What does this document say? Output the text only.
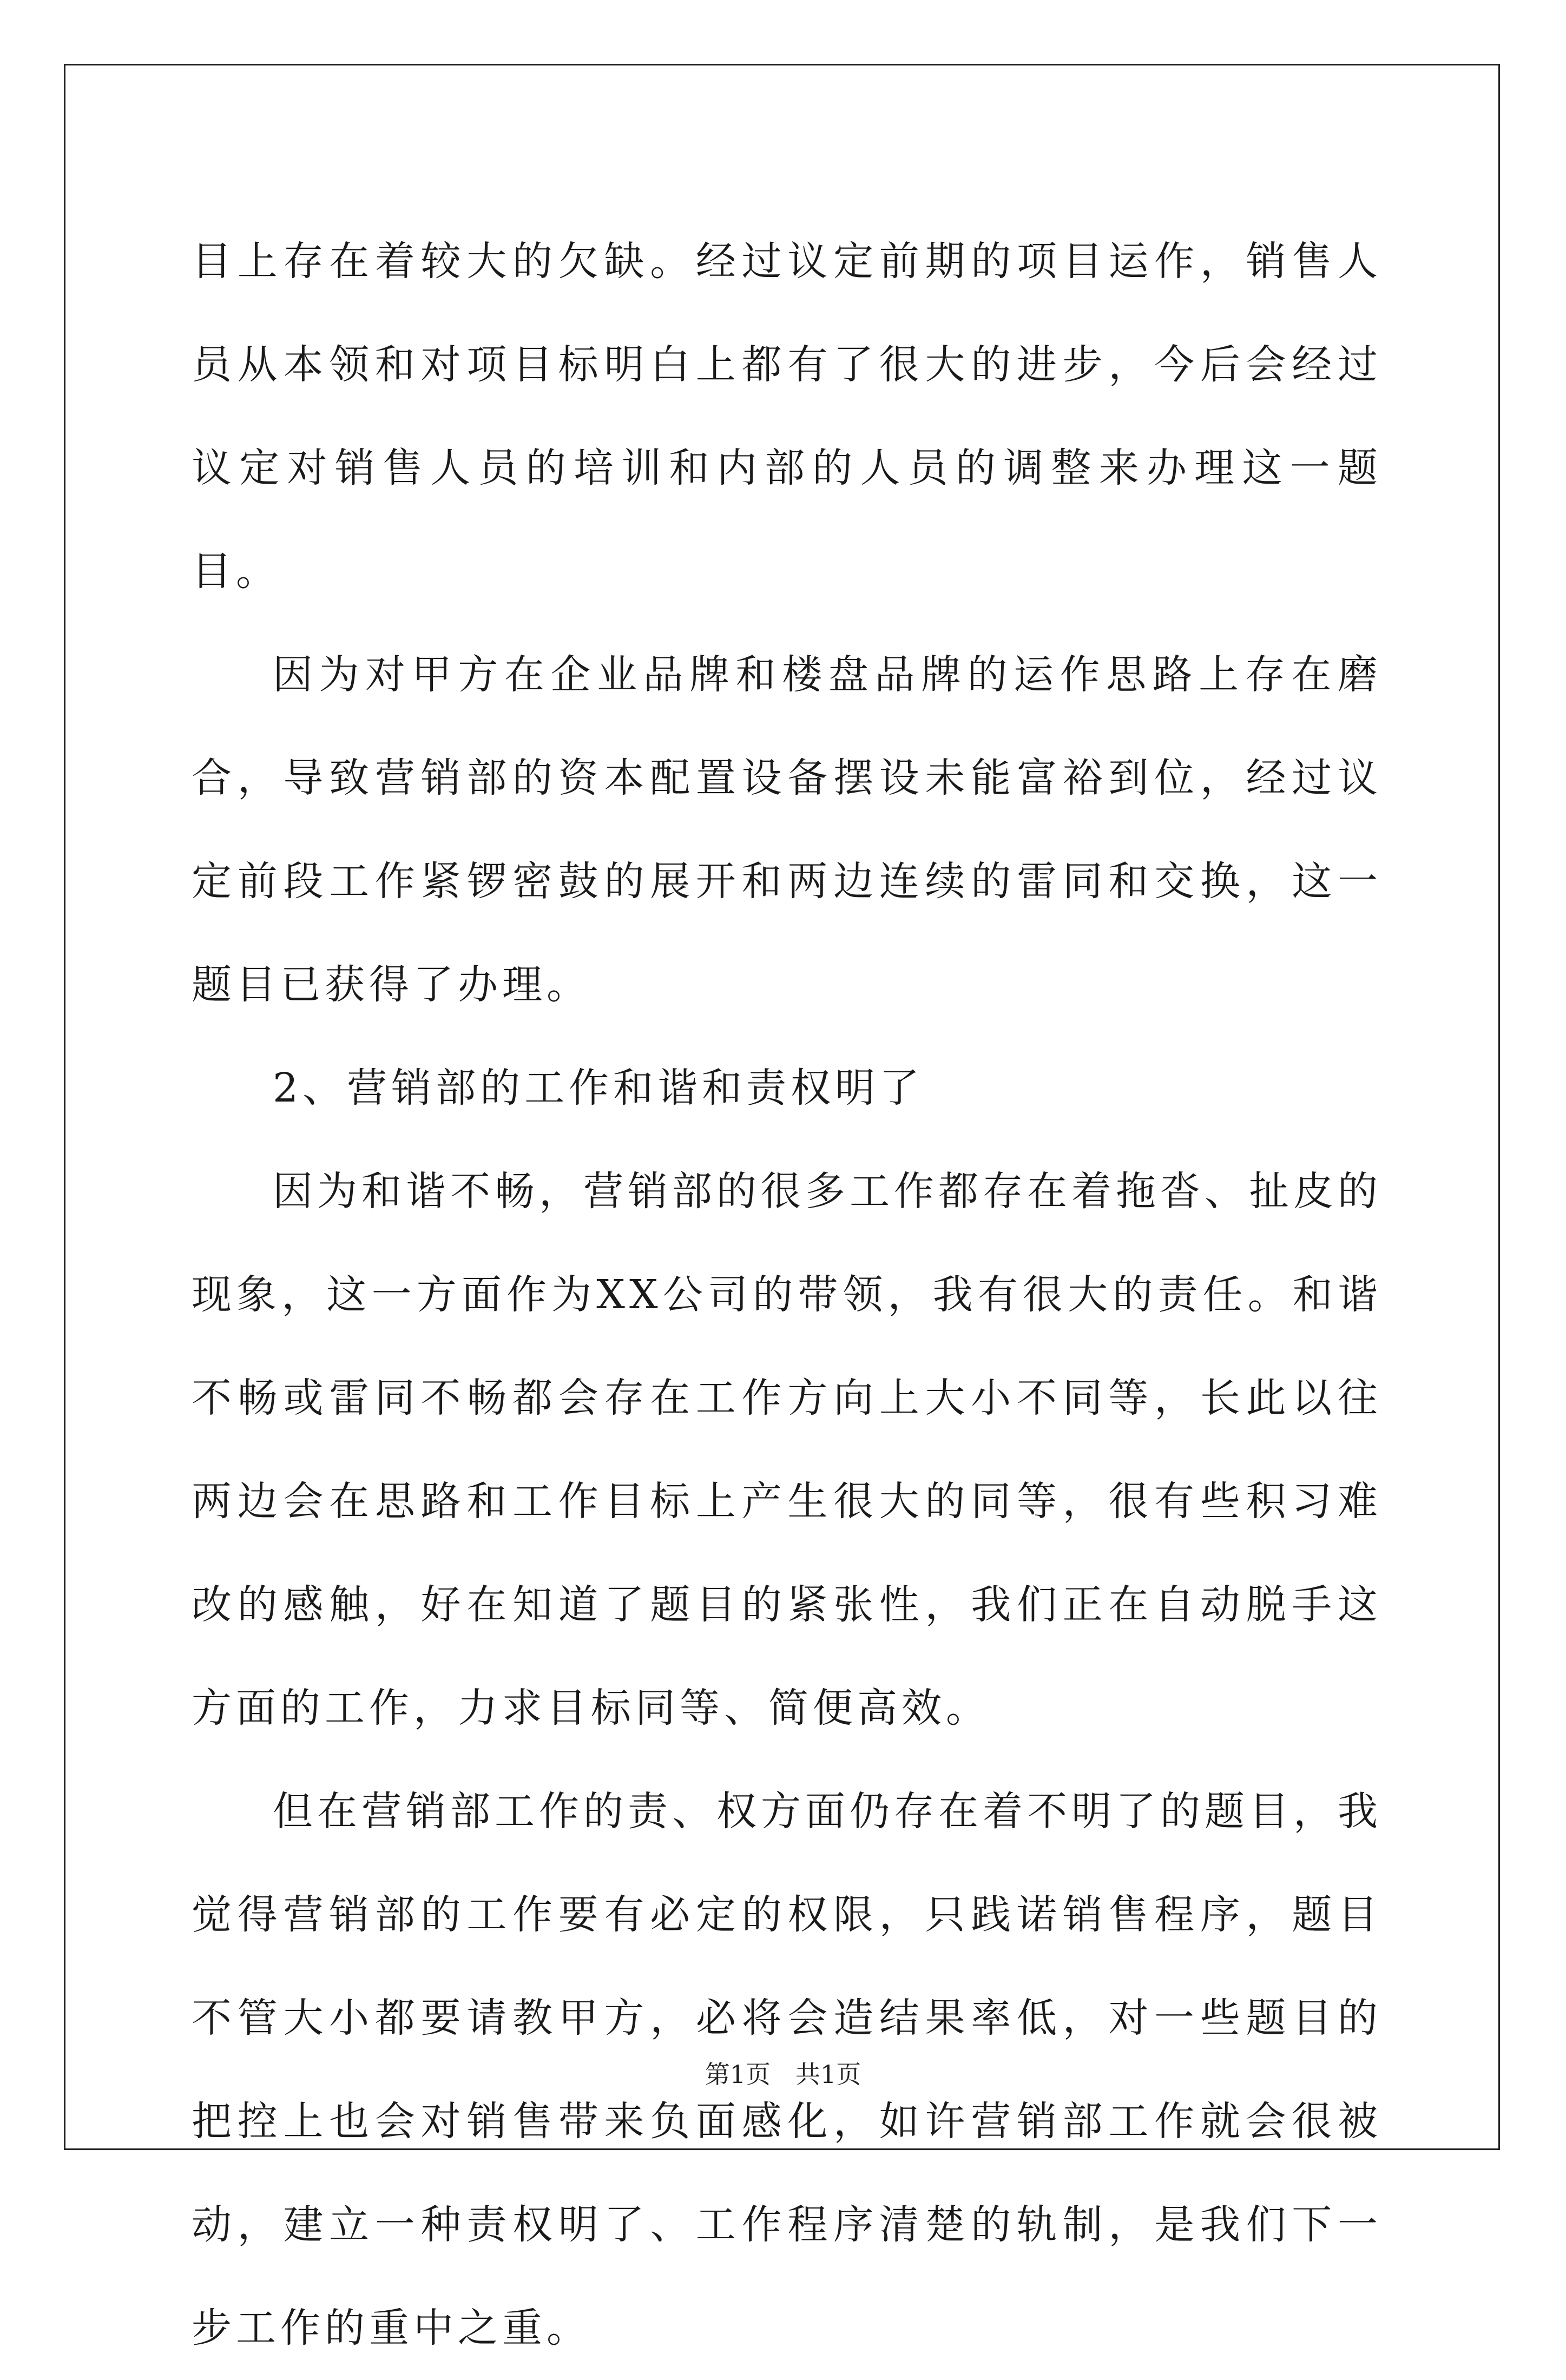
目上存在着较大的欠缺。经过议定前期的项目运作，销售人员从本领和对项目标明白上都有了很大的进步，今后会经过议定对销售人员的培训和内部的人员的调整来办理这一题目。

因为对甲方在企业品牌和楼盘品牌的运作思路上存在磨合，导致营销部的资本配置设备摆设未能富裕到位，经过议定前段工作紧锣密鼓的展开和两边连续的雷同和交换，这一题目已获得了办理。

2、营销部的工作和谐和责权明了

因为和谐不畅，营销部的很多工作都存在着拖沓、扯皮的现象，这一方面作为XX公司的带领，我有很大的责任。和谐不畅或雷同不畅都会存在工作方向上大小不同等，长此以往两边会在思路和工作目标上产生很大的同等，很有些积习难改的感触，好在知道了题目的紧张性，我们正在自动脱手这方面的工作，力求目标同等、简便高效。

但在营销部工作的责、权方面仍存在着不明了的题目，我觉得营销部的工作要有必定的权限，只践诺销售程序，题目不管大小都要请教甲方，必将会造结果率低，对一些题目的把控上也会对销售带来负面感化，如许营销部工作就会很被动，建立一种责权明了、工作程序清楚的轨制，是我们下一步工作的重中之重。

第1页　共1页
